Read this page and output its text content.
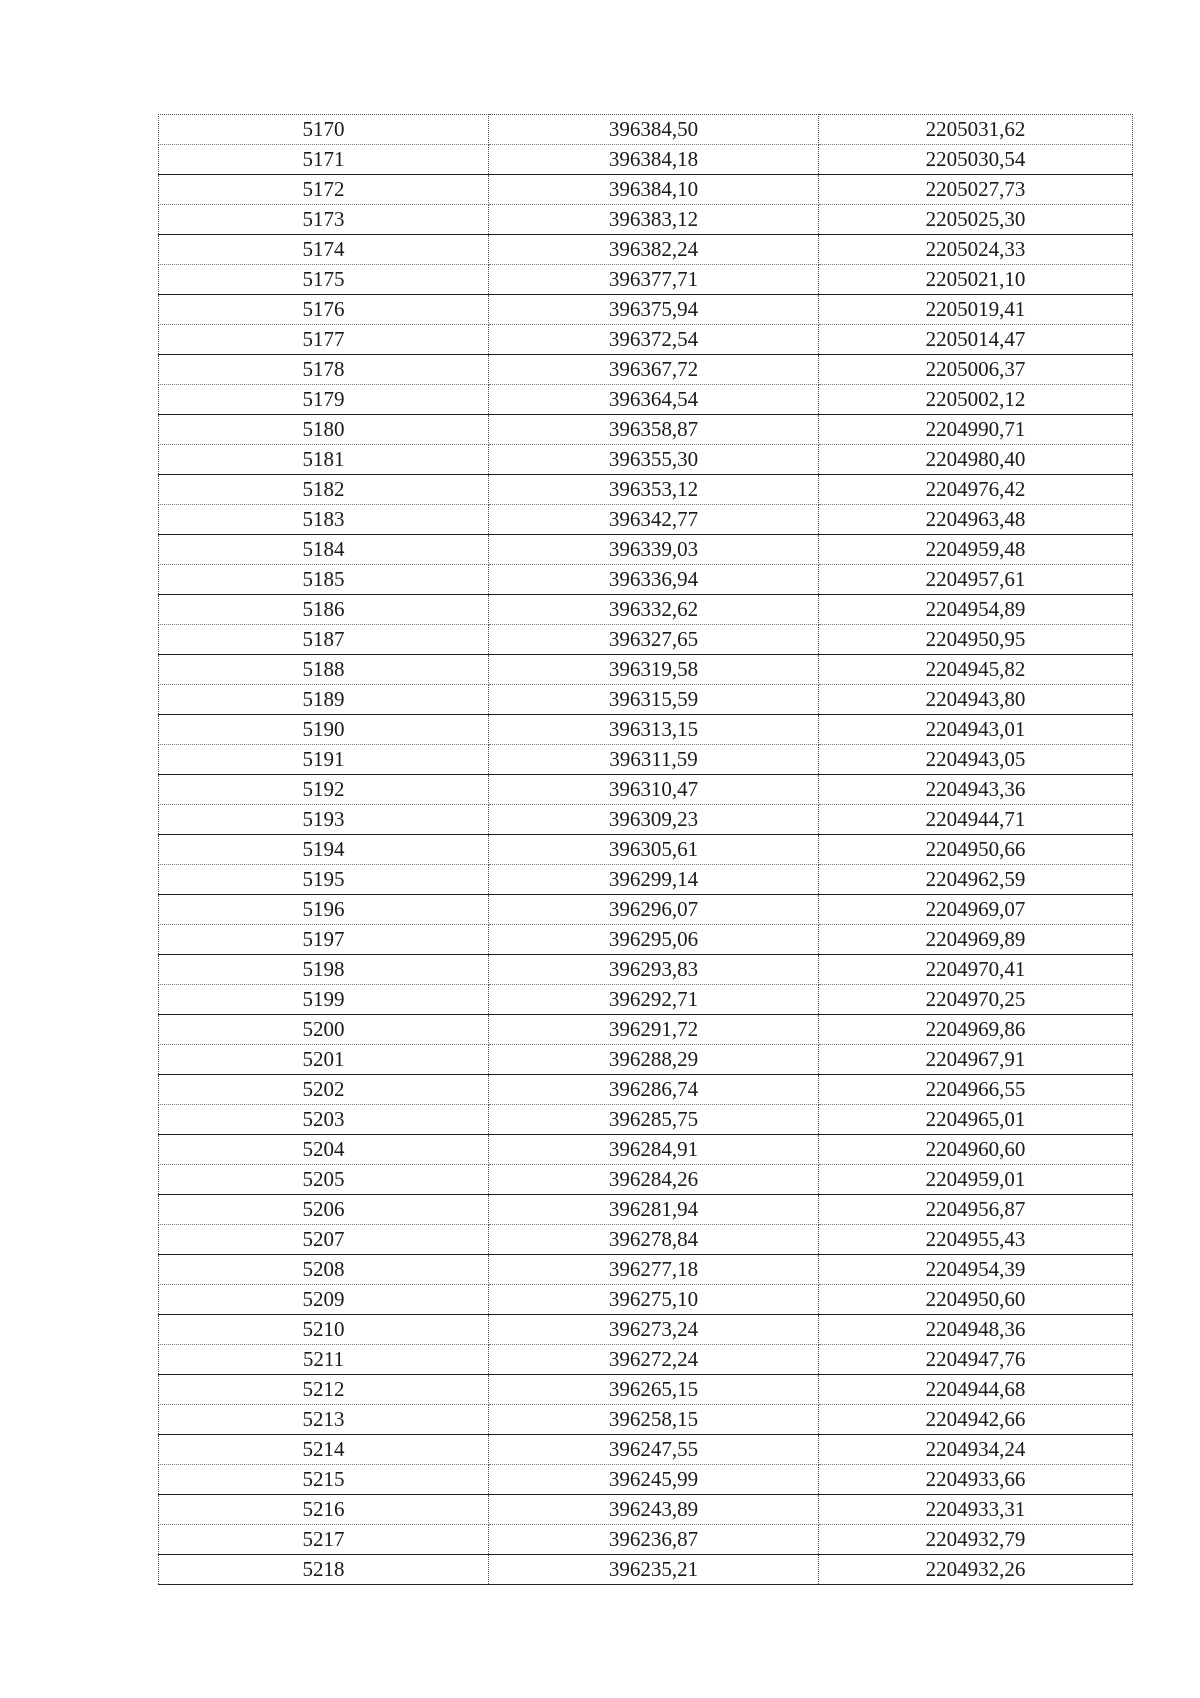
5170	396384,50	2205031,62
5171	396384,18	2205030,54
5172	396384,10	2205027,73
5173	396383,12	2205025,30
5174	396382,24	2205024,33
5175	396377,71	2205021,10
5176	396375,94	2205019,41
5177	396372,54	2205014,47
5178	396367,72	2205006,37
5179	396364,54	2205002,12
5180	396358,87	2204990,71
5181	396355,30	2204980,40
5182	396353,12	2204976,42
5183	396342,77	2204963,48
5184	396339,03	2204959,48
5185	396336,94	2204957,61
5186	396332,62	2204954,89
5187	396327,65	2204950,95
5188	396319,58	2204945,82
5189	396315,59	2204943,80
5190	396313,15	2204943,01
5191	396311,59	2204943,05
5192	396310,47	2204943,36
5193	396309,23	2204944,71
5194	396305,61	2204950,66
5195	396299,14	2204962,59
5196	396296,07	2204969,07
5197	396295,06	2204969,89
5198	396293,83	2204970,41
5199	396292,71	2204970,25
5200	396291,72	2204969,86
5201	396288,29	2204967,91
5202	396286,74	2204966,55
5203	396285,75	2204965,01
5204	396284,91	2204960,60
5205	396284,26	2204959,01
5206	396281,94	2204956,87
5207	396278,84	2204955,43
5208	396277,18	2204954,39
5209	396275,10	2204950,60
5210	396273,24	2204948,36
5211	396272,24	2204947,76
5212	396265,15	2204944,68
5213	396258,15	2204942,66
5214	396247,55	2204934,24
5215	396245,99	2204933,66
5216	396243,89	2204933,31
5217	396236,87	2204932,79
5218	396235,21	2204932,26
